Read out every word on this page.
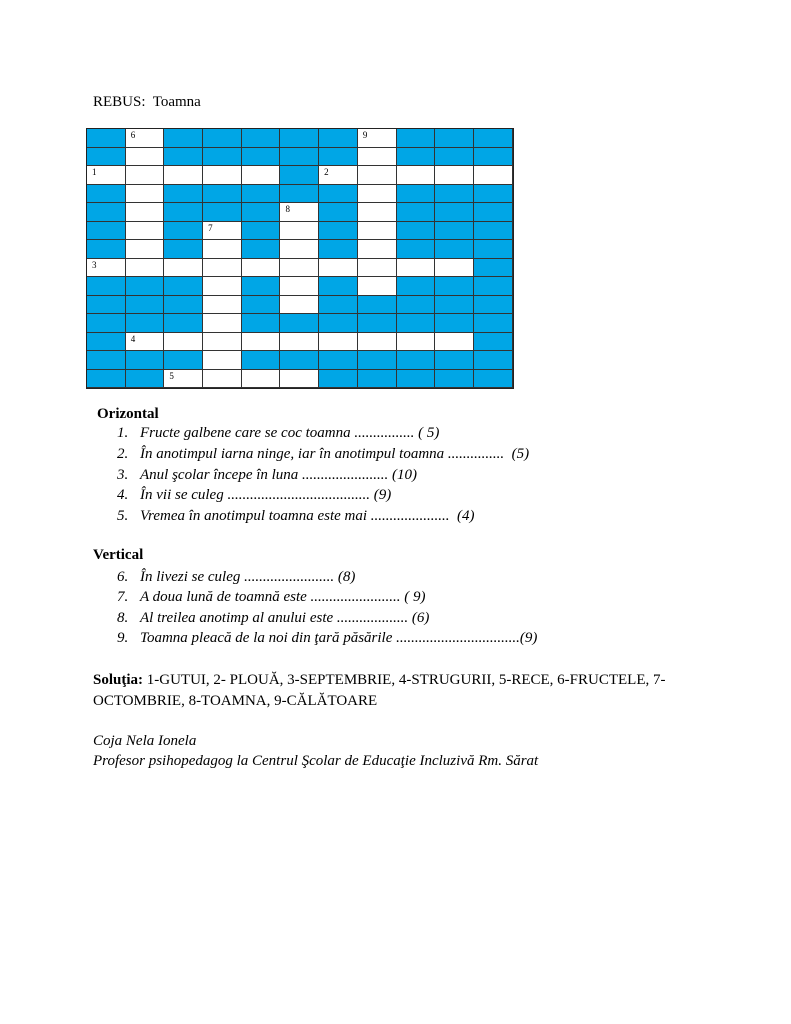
REBUS:  Toamna
6	9
1	2
8
7
3
4
5
Orizontal
1. Fructe galbene care se coc toamna ................ ( 5)
2. În anotimpul iarna ninge, iar în anotimpul toamna ...............  (5)
3. Anul şcolar începe în luna ....................... (10)
4. În vii se culeg ...................................... (9)
5. Vremea în anotimpul toamna este mai .....................  (4)
Vertical
6. În livezi se culeg ........................ (8)
7. A doua lună de toamnă este ........................ ( 9)
8. Al treilea anotimp al anului este ................... (6)
9. Toamna pleacă de la noi din ţară păsările .................................(9)
Soluţia: 1-GUTUI, 2- PLOUĂ, 3-SEPTEMBRIE, 4-STRUGURII, 5-RECE, 6-FRUCTELE, 7-OCTOMBRIE, 8-TOAMNA, 9-CĂLĂTOARE
Coja Nela Ionela
Profesor psihopedagog la Centrul Şcolar de Educaţie Incluzivă Rm. Sărat
